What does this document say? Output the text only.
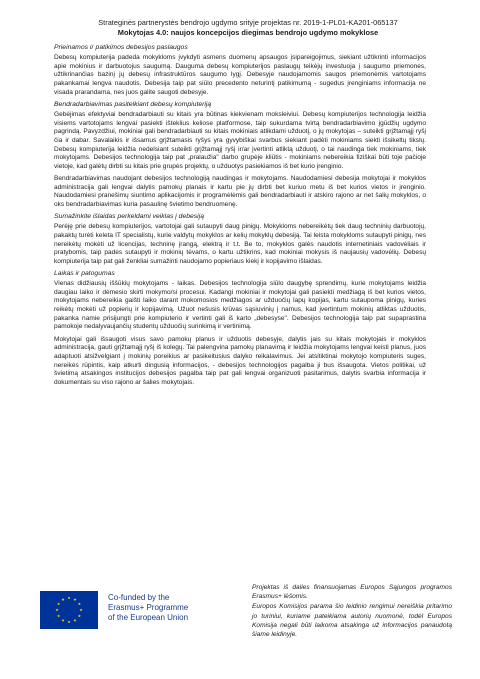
Strateginės partnerystės bendrojo ugdymo srityje projektas nr. 2019-1-PL01-KA201-065137
Mokytojas 4.0: naujos koncepcijos diegimas bendrojo ugdymo mokyklose
Prieinamos ir patikimos debesijos paslaugos

Debesų kompiuterija padeda mokykloms įvykdyti asmens duomenų apsaugos įsipareigojimus, siekiant užtikrinti informacijos apie mokinius ir darbuotojus saugumą. Dauguma debesų kompiuterijos paslaugų teikėjų investuoja į saugumo priemones, užtikrinančias bazinį jų debesų infrastruktūros saugumo lygį. Debesyje naudojamomis saugos priemonėmis vartotojams pakankamai lengva naudotis. Debesija taip pat siūlo precedento neturintį patikimumą - sugedus įrenginiams informacija ne visada prarandama, nes juos galite saugoti debesyje.

Bendradarbiavimas pasitelkiant debesų kompiuteriją

Gebėjimas efektyviai bendradarbiauti su kitais yra būtinas kiekvienam moksleiviui. Debesų kompiuterijos technologija leidžia visiems vartotojams lengvai pasiekti išteklius keliose platformose, taip sukurdama tvirtą bendradarbiavimo įgūdžių ugdymo pagrindą. Pavyzdžiui, mokiniai gali bendradarbiauti su kitais mokiniais atlikdami užduotį, o jų mokytojas – suteikti grįžtamąjį ryšį čia ir dabar. Savalaikis ir išsamus grįžtamasis ryšys yra gyvybiškai svarbus siekiant padėti mokiniams siekti išsikeltų tikslų. Debesų kompiuterija leidžia nedelsiant suteikti grįžtamąjį ryšį ir/ar įvertinti atliktą užduotį, o tai naudinga tiek mokiniams, tiek mokytojams. Debesijos technologija taip pat „pralaužia" darbo grupėje kliūtis - mokiniams nebereikia fiziškai būti toje pačioje vietoje, kad galėtų dirbti su kitais prie grupės projektų, o užduotys pasiekiamos iš bet kurio įrenginio.

Bendradarbiavimas naudojant debesijos technologiją naudingas ir mokytojams. Naudodamiesi debesija mokytojai ir mokyklos administracija gali lengvai dalytis pamokų planais ir kartu pie jų dirbti bet kuriuo metu iš bet kurios vietos ir įrenginio. Naudodamiesi pranešimų siuntimo aplikacijomis ir programėlėmis gali bendradarbiauti ir atskiro rajono ar net šalių mokyklos, o oks bendradarbiavimas kuria pasaulinę švietimo bendruomenę.

Sumažinkite išlaidas perkeldami veiklas į debesiją

Perėję prie debesų kompiuterijos, vartotojai gali sutaupyti daug pinigų. Mokykloms nebereikėtų tiek daug techninių darbuotojų, pakaktų turėti keleta IT specialistų, kurie valdytų mokyklos ar kelių mokyklų debesiją. Tai leista mokykloms sutaupyti pinigų, nes nereikėtų mokėti už licencijas, techninę įrangą, elektrą ir t.t. Be to, mokyklos galės naudotis internetiniais vadovėliais ir pratybomis, taip padės sutaupyti ir mokinių tėvams, o kartu užtikrins, kad mokiniai mokysis iš naujausių vadovėlių. Debesų kompiuterija taip pat gali ženkliai sumažinti naudojamo popieriaus kiekį ir kopijavimo išlaidas.

Laikas ir patogumas

Vienas didžiausių iššūkių mokytojams - laikas. Debesijos technologija siūlo daugybę sprendimų, kurie mokytojams leidžia daugiau laiko ir dėmesio skirti mokymo/si procesui. Kadangi mokiniai ir mokytojai gali pasiekti medžiagą iš bet kurios vietos, mokytojams nebereikia gaišti laiko darant mokomosios medžiagos ar užduočių lapų kopijas, kartu sutaupoma pinigų, kuries reikėtų mokėti už popierių ir kopijavimą. Užuot nešusis krūvas sąsiuvinių į namus, kad įvertintum mokinių atliktas užduotis, pakanka namie prisijungti prie kompiuterio ir vertinti gali iš karto „debesyse". Debesijos technologija taip pat supaprastina pamokoje nedalyvaujančių studentų užduočių surinkimą ir vertinimą.

Mokytojai gali išsaugoti visus savo pamokų planus ir užduotis debesyje, dalytis jais su kitais mokytojais ir mokyklos administracija, gauti grįžtamąjį ryšį iš kolegų. Tai palengvina pamokų planavimą ir leidžia mokytojams lengvai keisti planus, juos adaptuoti atsižvelgiant į mokinių poreikius ar pasikeitusius dalyko reikalavimus. Jei atsitiktinai mokytojo kompiuteris suges, nereikės rūpintis, kaip atkurti dingusią informacijos, - debesijos technologijos pagalba ji bus išsaugota. Vietos politikai, už švietimą atsakingos institucijos debesijos pagalba taip pat gali lengvai organizuoti pasitarimus, dalytis svarbia informacija ir dokumentais su viso rajono ar šalies mokytojais.

Co-funded by the
Erasmus+ Programme
of the European Union

Projektas iš dalies finansuojamas Europos Sąjungos programos Erasmus+ lėšomis.

Europos Komisijos parama šio leidinio rengimui nereiškia pritarimo jo turiniui, kuriame pateikiama autorių nuomonė, todėl Europos Komisija negali būti laikoma atsakinga už informacijos panaudotą šiame leidinyje.
